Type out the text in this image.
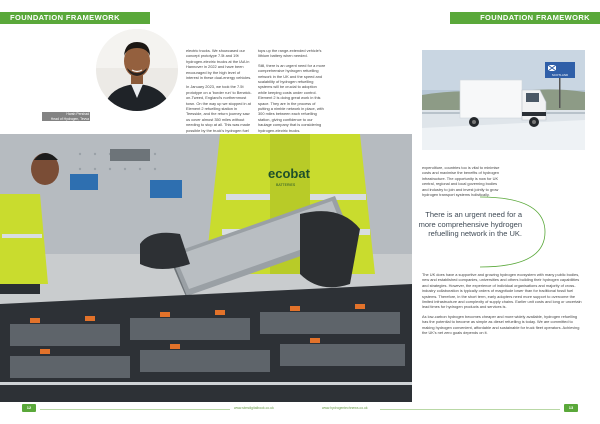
FOUNDATION FRAMEWORK	FOUNDATION FRAMEWORK

electric trucks. We showcased our concept prototype 7.5t and 19t hydrogen-electric trucks at the IAA in Hannover in 2022 and have been encouraged by the high level of interest in these dual-energy vehicles.

In January 2023, we took the 7.5t prototype on a 'border run' to Berwick-on-Tweed, England's northernmost town. On the way up we stopped in at Element 2 refuelling station in Teesside, and the return journey saw us cover almost 350 miles without needing to stop at all. This was made possible by the truck's hydrogen fuel

tops up the range-extended vehicle's lithium battery when needed.

Still, there is an urgent need for a more comprehensive hydrogen refuelling network in the UK and the speed and scalability of hydrogen refuelling systems will be crucial to adoption while keeping costs under control. Element 2 is doing great work in this space. They are in the process of putting a nimble network in place, with 300 miles between each refuelling station, giving confidence to our haulage company that is considering hydrogen-electric trucks.

SCOTLAND
ecobat
BATTERIES
Harsh Pershad
Head of Hydrogen, Tevva

expenditure, countries too is vital to minimise costs and maximise the benefits of hydrogen infrastructure. The opportunity is now for UK central, regional and local governing bodies and industry to join and invest jointly to grow hydrogen transport systems holistically.

There is an urgent need for a more comprehensive hydrogen refuelling network in the UK.

The UK does have a supportive and growing hydrogen ecosystem with many public bodies, new and established companies, universities and others building their hydrogen capabilities and strategies. However, the experience of individual organisations and majority of cross-industry collaboration is typically orders of magnitude lower than for traditional fossil fuel systems. Therefore, in the short term, early adopters need more support to overcome the limited infrastructure and complexity of supply chains. Earlier unit costs and long or uncertain lead times for hydrogen products and services is.

As low-carbon hydrogen becomes cheaper and more widely available, hydrogen refuelling has the potential to become as simple as diesel refuelling is today. We are committed to making hydrogen convenient, affordable and sustainable for truck fleet operators. Achieving the UK's net zero goals depends on it.

12	www.sbmdigitalbook.co.uk	www.hydrogentechnews.co.uk	13
